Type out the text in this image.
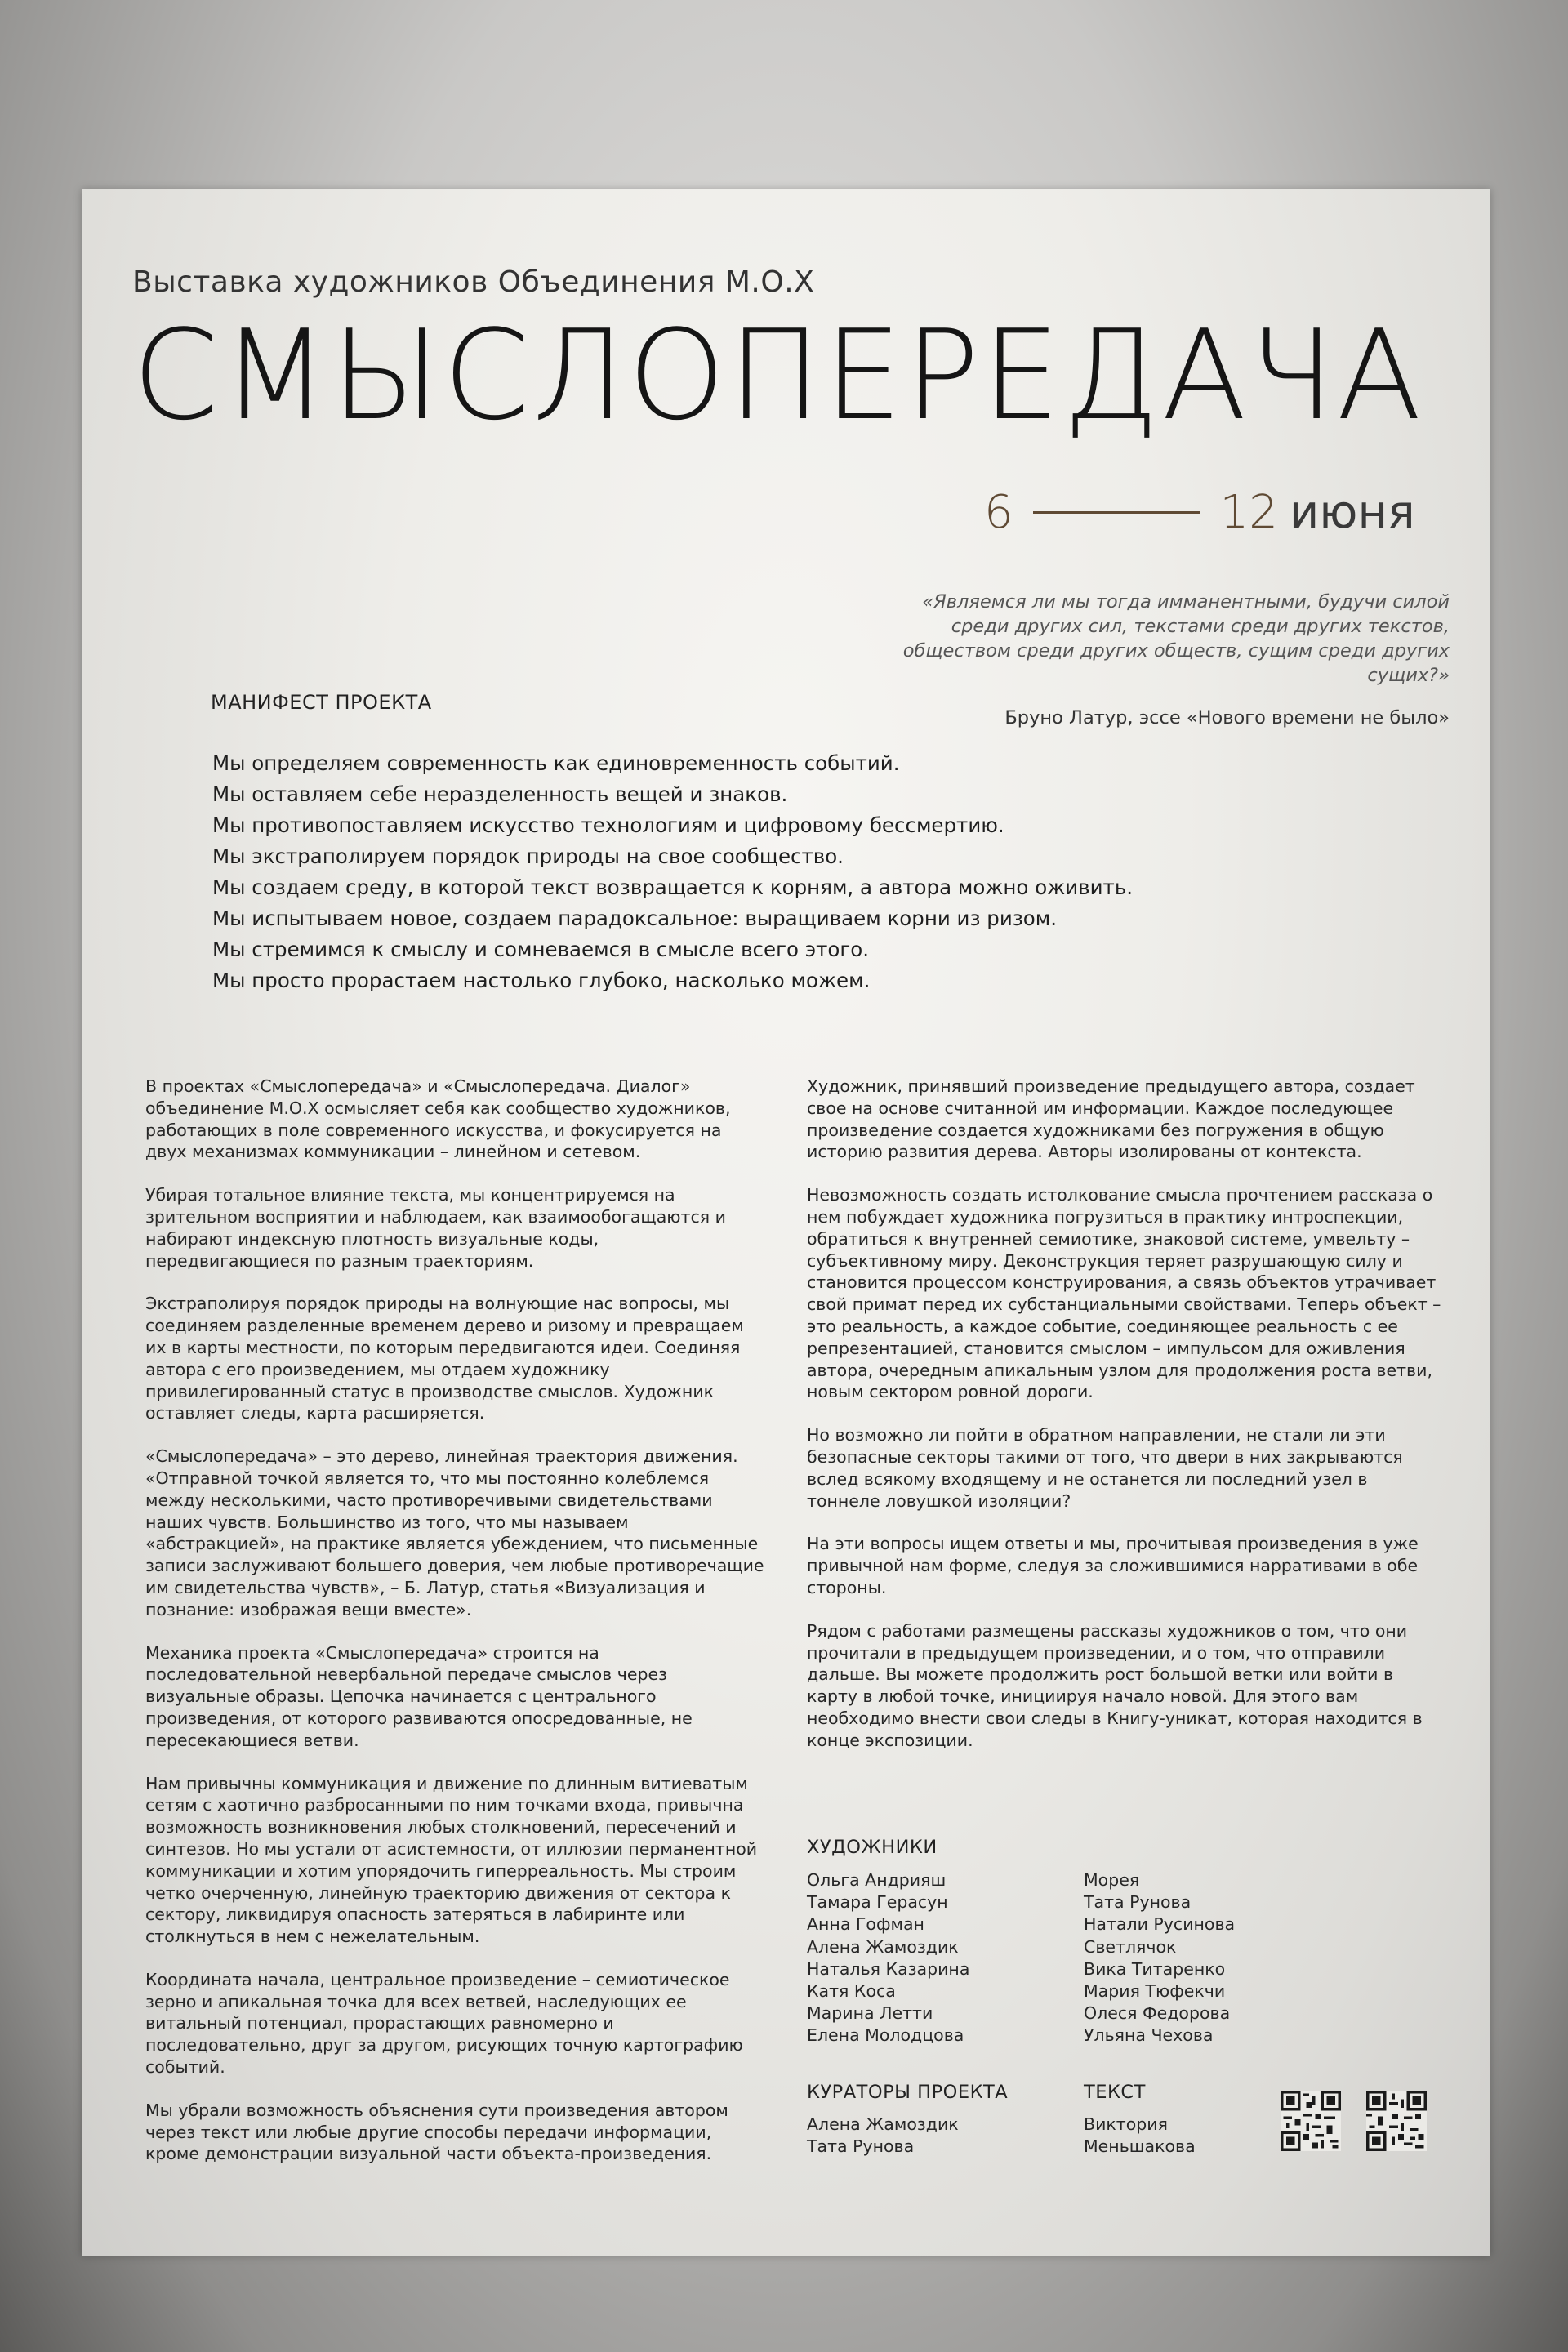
Выставка художников Объединения М.О.Х
СМЫСЛОПЕРЕДАЧА
6	12 июня
«Являемся ли мы тогда имманентными, будучи силой среди других сил, текстами среди других текстов, обществом среди других обществ, сущим среди других сущих?»
Бруно Латур, эссе «Нового времени не было»
МАНИФЕСТ ПРОЕКТА
Мы определяем современность как единовременность событий.
Мы оставляем себе неразделенность вещей и знаков.
Мы противопоставляем искусство технологиям и цифровому бессмертию.
Мы экстраполируем порядок природы на свое сообщество.
Мы создаем среду, в которой текст возвращается к корням, а автора можно оживить.
Мы испытываем новое, создаем парадоксальное: выращиваем корни из ризом.
Мы стремимся к смыслу и сомневаемся в смысле всего этого.
Мы просто прорастаем настолько глубоко, насколько можем.

В проектах «Смыслопередача» и «Смыслопередача. Диалог» объединение М.О.Х осмысляет себя как сообщество художников, работающих в поле современного искусства, и фокусируется на двух механизмах коммуникации – линейном и сетевом.

Убирая тотальное влияние текста, мы концентрируемся на зрительном восприятии и наблюдаем, как взаимообогащаются и набирают индексную плотность визуальные коды, передвигающиеся по разным траекториям.

Экстраполируя порядок природы на волнующие нас вопросы, мы соединяем разделенные временем дерево и ризому и превращаем их в карты местности, по которым передвигаются идеи. Соединяя автора с его произведением, мы отдаем художнику привилегированный статус в производстве смыслов. Художник оставляет следы, карта расширяется.

«Смыслопередача» – это дерево, линейная траектория движения. «Отправной точкой является то, что мы постоянно колеблемся между несколькими, часто противоречивыми свидетельствами наших чувств. Большинство из того, что мы называем «абстракцией», на практике является убеждением, что письменные записи заслуживают большего доверия, чем любые противоречащие им свидетельства чувств», – Б. Латур, статья «Визуализация и познание: изображая вещи вместе».

Механика проекта «Смыслопередача» строится на последовательной невербальной передаче смыслов через визуальные образы. Цепочка начинается с центрального произведения, от которого развиваются опосредованные, не пересекающиеся ветви.

Нам привычны коммуникация и движение по длинным витиеватым сетям с хаотично разбросанными по ним точками входа, привычна возможность возникновения любых столкновений, пересечений и синтезов. Но мы устали от асистемности, от иллюзии перманентной коммуникации и хотим упорядочить гиперреальность. Мы строим четко очерченную, линейную траекторию движения от сектора к сектору, ликвидируя опасность затеряться в лабиринте или столкнуться в нем с нежелательным.

Координата начала, центральное произведение – семиотическое зерно и апикальная точка для всех ветвей, наследующих ее витальный потенциал, прорастающих равномерно и последовательно, друг за другом, рисующих точную картографию событий.

Мы убрали возможность объяснения сути произведения автором через текст или любые другие способы передачи информации, кроме демонстрации визуальной части объекта-произведения.

Художник, принявший произведение предыдущего автора, создает свое на основе считанной им информации. Каждое последующее произведение создается художниками без погружения в общую историю развития дерева. Авторы изолированы от контекста.

Невозможность создать истолкование смысла прочтением рассказа о нем побуждает художника погрузиться в практику интроспекции, обратиться к внутренней семиотике, знаковой системе, умвельту – субъективному миру. Деконструкция теряет разрушающую силу и становится процессом конструирования, а связь объектов утрачивает свой примат перед их субстанциальными свойствами. Теперь объект – это реальность, а каждое событие, соединяющее реальность с ее репрезентацией, становится смыслом – импульсом для оживления автора, очередным апикальным узлом для продолжения роста ветви, новым сектором ровной дороги.

Но возможно ли пойти в обратном направлении, не стали ли эти безопасные секторы такими от того, что двери в них закрываются вслед всякому входящему и не останется ли последний узел в тоннеле ловушкой изоляции?

На эти вопросы ищем ответы и мы, прочитывая произведения в уже привычной нам форме, следуя за сложившимися нарративами в обе стороны.

Рядом с работами размещены рассказы художников о том, что они прочитали в предыдущем произведении, и о том, что отправили дальше. Вы можете продолжить рост большой ветки или войти в карту в любой точке, инициируя начало новой. Для этого вам необходимо внести свои следы в Книгу-уникат, которая находится в конце экспозиции.

ХУДОЖНИКИ
Ольга Андрияш
Тамара Герасун
Анна Гофман
Алена Жамоздик
Наталья Казарина
Катя Коса
Марина Летти
Елена Молодцова
Морея
Тата Рунова
Натали Русинова
Светлячок
Вика Титаренко
Мария Тюфекчи
Олеся Федорова
Ульяна Чехова
КУРАТОРЫ ПРОЕКТА
Алена Жамоздик
Тата Рунова
ТЕКСТ
Виктория
Меньшакова
